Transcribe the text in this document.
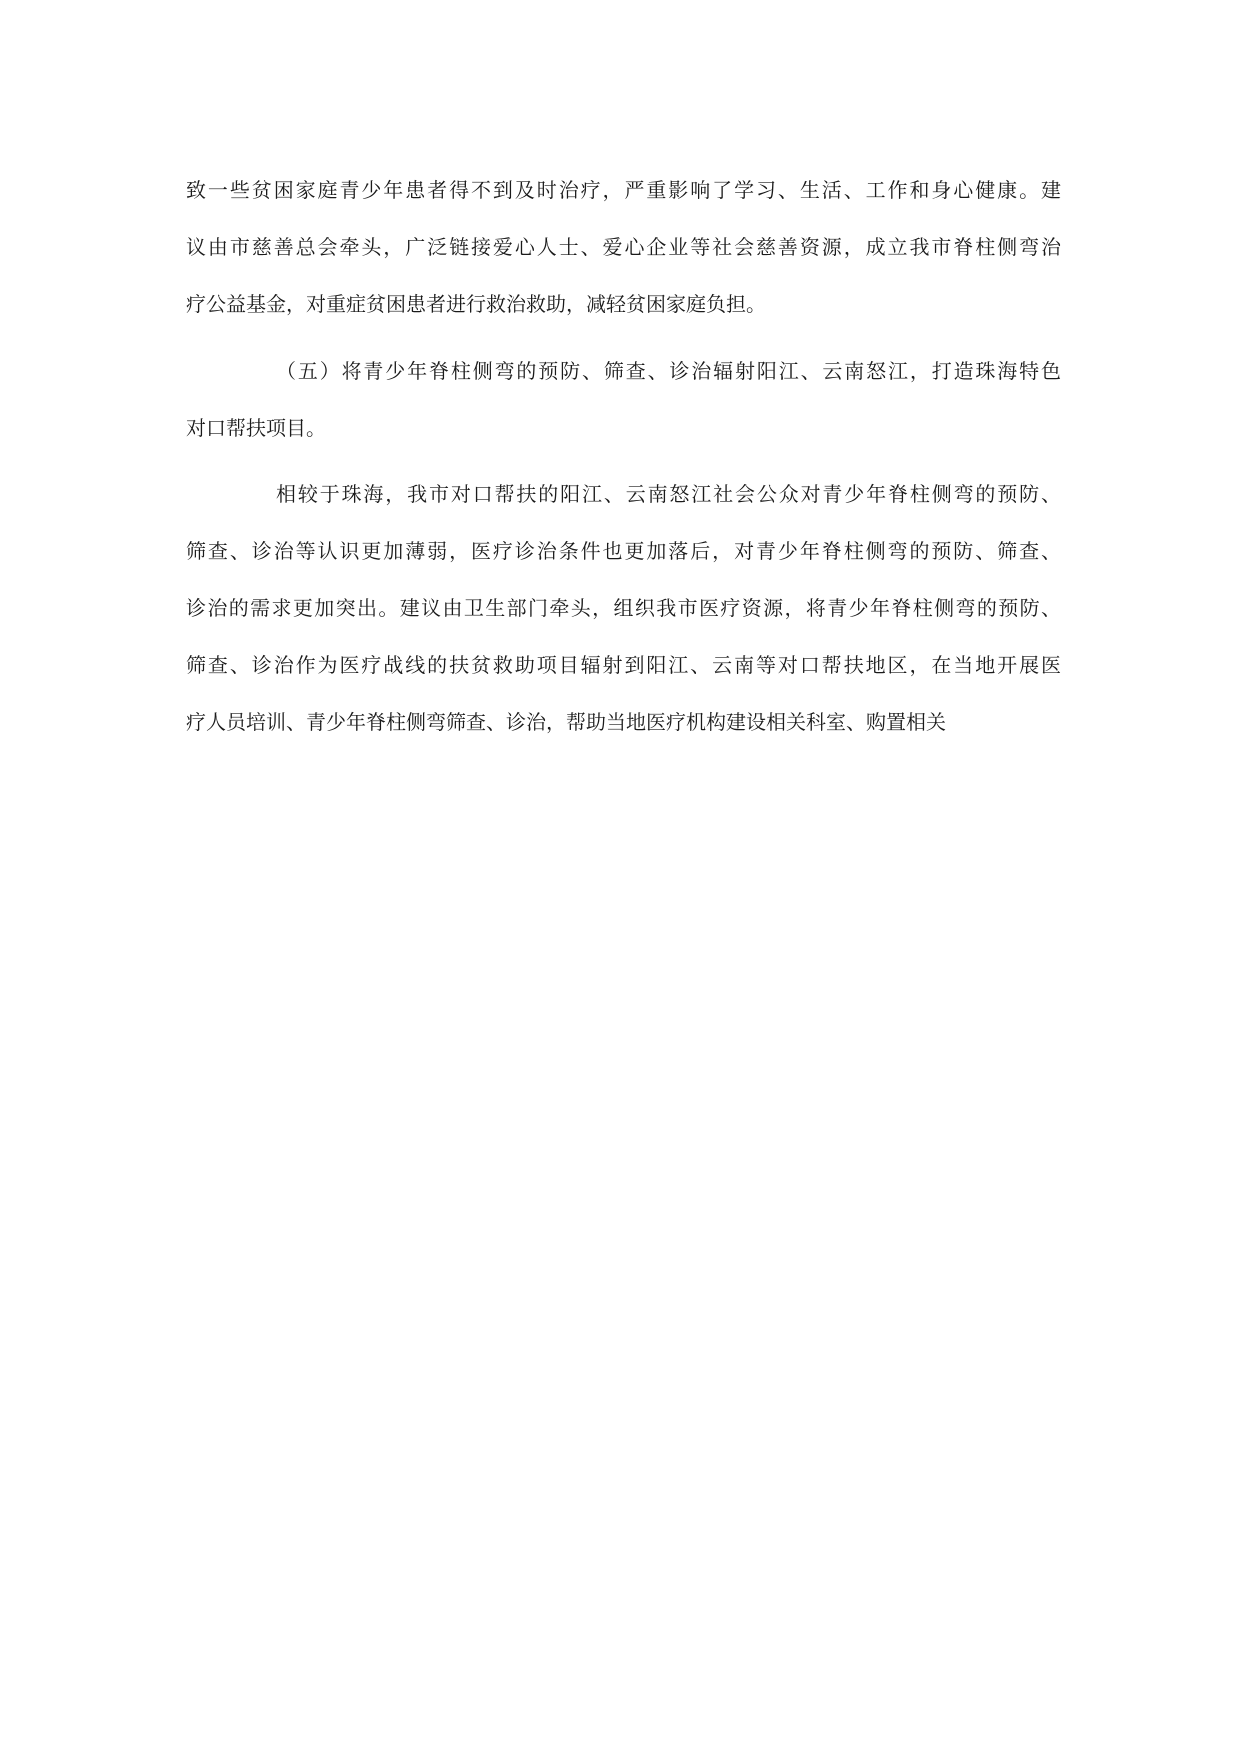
致一些贫困家庭青少年患者得不到及时治疗，严重影响了学习、生活、工作和身心健康。建
议由市慈善总会牵头，广泛链接爱心人士、爱心企业等社会慈善资源，成立我市脊柱侧弯治
疗公益基金，对重症贫困患者进行救治救助，减轻贫困家庭负担。
（五）将青少年脊柱侧弯的预防、筛查、诊治辐射阳江、云南怒江，打造珠海特色
对口帮扶项目。
相较于珠海，我市对口帮扶的阳江、云南怒江社会公众对青少年脊柱侧弯的预防、
筛查、诊治等认识更加薄弱，医疗诊治条件也更加落后，对青少年脊柱侧弯的预防、筛查、
诊治的需求更加突出。建议由卫生部门牵头，组织我市医疗资源，将青少年脊柱侧弯的预防、
筛查、诊治作为医疗战线的扶贫救助项目辐射到阳江、云南等对口帮扶地区，在当地开展医
疗人员培训、青少年脊柱侧弯筛查、诊治，帮助当地医疗机构建设相关科室、购置相关
